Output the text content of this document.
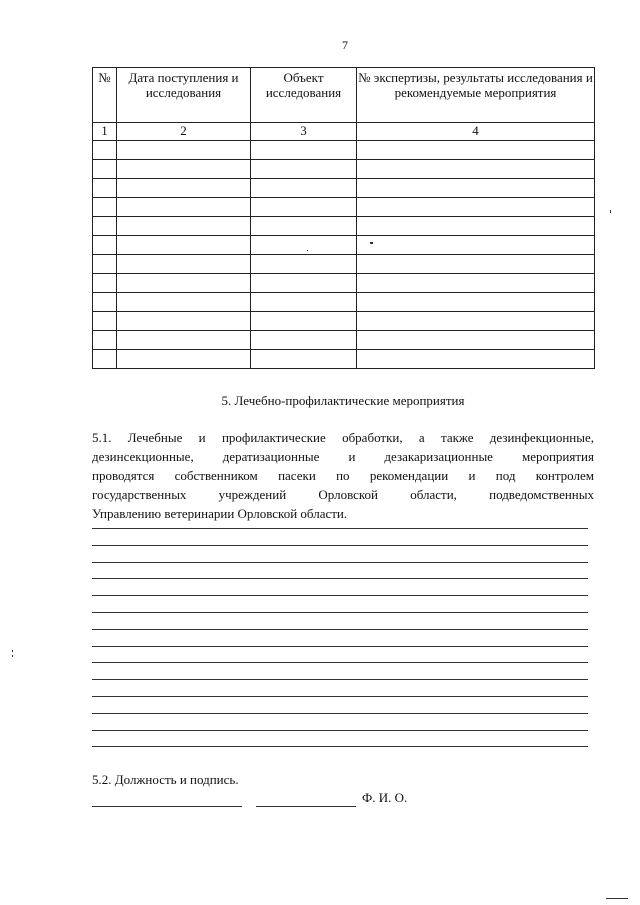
7
№	Дата поступления и исследования	Объект исследования	№ экспертизы, результаты исследования и рекомендуемые мероприятия
1	2	3	4

5. Лечебно-профилактические мероприятия

5.1. Лечебные и профилактические обработки, а также дезинфекционные,
дезинсекционные, дератизационные и дезакаризационные мероприятия
проводятся собственником пасеки по рекомендации и под контролем
государственных учреждений Орловской области, подведомственных
Управлению ветеринарии Орловской области.

5.2. Должность и подпись.
Ф. И. О.
